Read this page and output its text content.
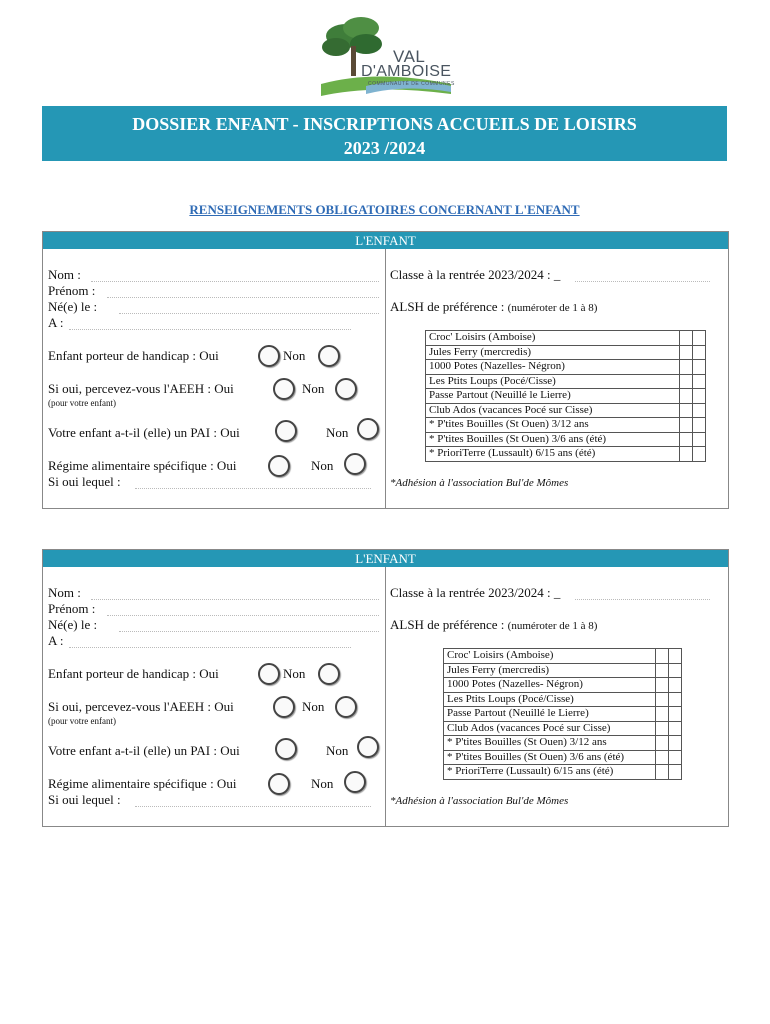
VAL
D'AMBOISE
COMMUNAUTÉ DE COMMUNES
DOSSIER ENFANT - INSCRIPTIONS ACCUEILS DE LOISIRS
2023 /2024
RENSEIGNEMENTS OBLIGATOIRES CONCERNANT L'ENFANT
L'ENFANT
Nom :
Prénom :
Né(e) le :
A :
Enfant porteur de handicap : Oui	Non
Si oui, percevez-vous l'AEEH : Oui	Non
(pour votre enfant)
Votre enfant a-t-il (elle) un PAI : Oui	Non
Régime alimentaire spécifique : Oui	Non
Si oui lequel :
Classe à la rentrée 2023/2024 : _
ALSH de préférence : (numéroter de 1 à 8)
Croc' Loisirs (Amboise)		
Jules Ferry (mercredis)		
1000 Potes (Nazelles- Négron)		
Les Ptits Loups (Pocé/Cisse)		
Passe Partout (Neuillé le Lierre)		
Club Ados (vacances Pocé sur Cisse)		
* P'tites Bouilles (St Ouen) 3/12 ans		
* P'tites Bouilles (St Ouen) 3/6 ans (été)		
* PrioriTerre (Lussault) 6/15 ans (été)		
*Adhésion à l'association Bul'de Mômes
L'ENFANT
Nom :
Prénom :
Né(e) le :
A :
Enfant porteur de handicap : Oui	Non
Si oui, percevez-vous l'AEEH : Oui	Non
(pour votre enfant)
Votre enfant a-t-il (elle) un PAI : Oui	Non
Régime alimentaire spécifique : Oui	Non
Si oui lequel :
Classe à la rentrée 2023/2024 : _
ALSH de préférence : (numéroter de 1 à 8)
Croc' Loisirs (Amboise)		
Jules Ferry (mercredis)		
1000 Potes (Nazelles- Négron)		
Les Ptits Loups (Pocé/Cisse)		
Passe Partout (Neuillé le Lierre)		
Club Ados (vacances Pocé sur Cisse)		
* P'tites Bouilles (St Ouen) 3/12 ans		
* P'tites Bouilles (St Ouen) 3/6 ans (été)		
* PrioriTerre (Lussault) 6/15 ans (été)		
*Adhésion à l'association Bul'de Mômes
